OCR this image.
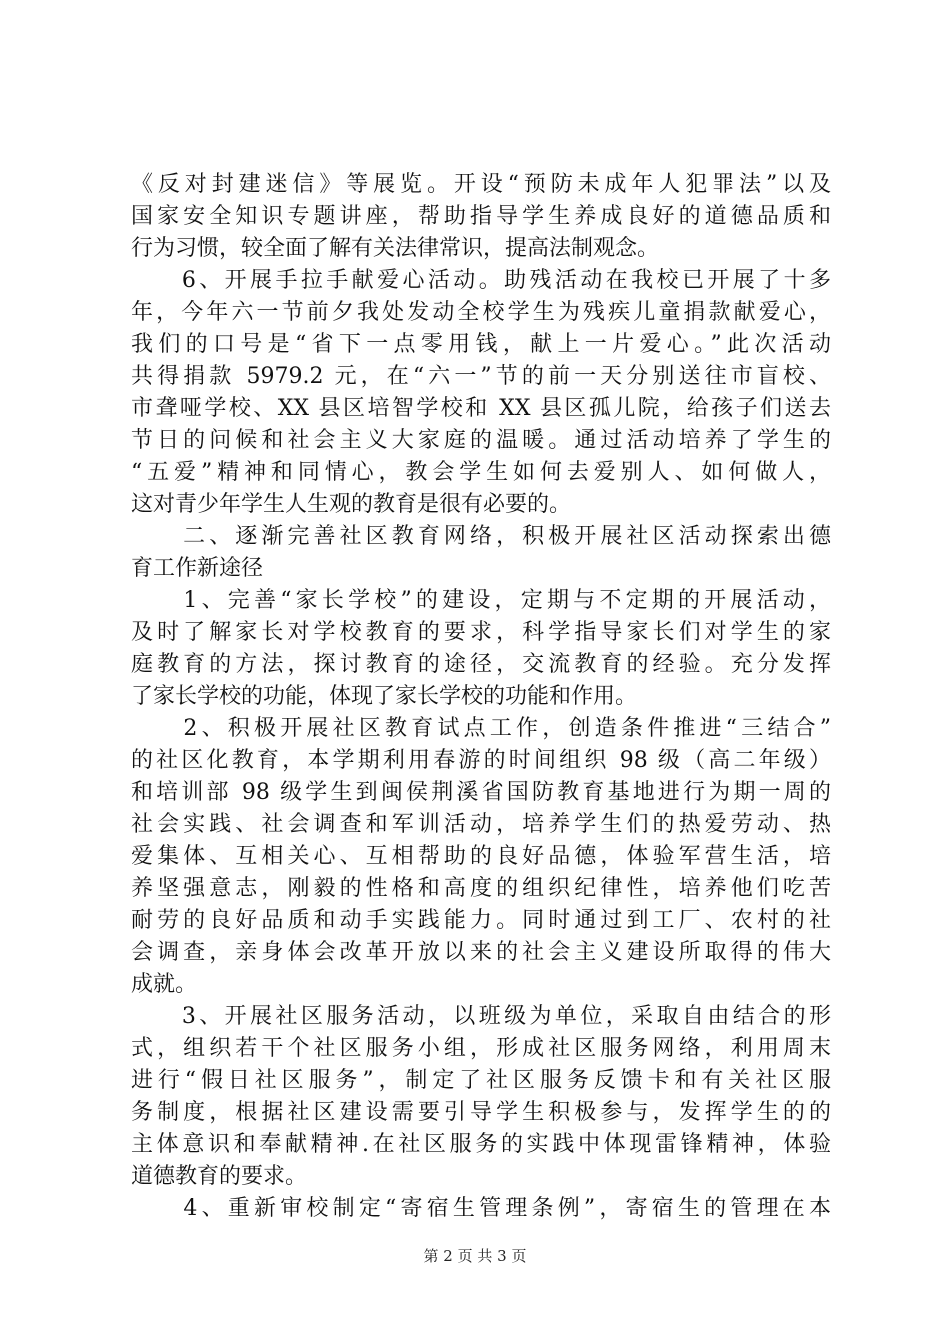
《反对封建迷信》等展览。开设“预防未成年人犯罪法”以及
国家安全知识专题讲座，帮助指导学生养成良好的道德品质和
行为习惯，较全面了解有关法律常识，提高法制观念。
　　6、开展手拉手献爱心活动。助残活动在我校已开展了十多
年，今年六一节前夕我处发动全校学生为残疾儿童捐款献爱心，
我们的口号是“省下一点零用钱，献上一片爱心。”此次活动
共得捐款 5979.2 元，在“六一”节的前一天分别送往市盲校、
市聋哑学校、XX 县区培智学校和 XX 县区孤儿院，给孩子们送去
节日的问候和社会主义大家庭的温暖。通过活动培养了学生的
“五爱”精神和同情心，教会学生如何去爱别人、如何做人，
这对青少年学生人生观的教育是很有必要的。
　　二、逐渐完善社区教育网络，积极开展社区活动探索出德
育工作新途径
　　1、完善“家长学校”的建设，定期与不定期的开展活动，
及时了解家长对学校教育的要求，科学指导家长们对学生的家
庭教育的方法，探讨教育的途径，交流教育的经验。充分发挥
了家长学校的功能，体现了家长学校的功能和作用。
　　2、积极开展社区教育试点工作，创造条件推进“三结合”
的社区化教育，本学期利用春游的时间组织 98 级（高二年级）
和培训部 98 级学生到闽侯荆溪省国防教育基地进行为期一周的
社会实践、社会调查和军训活动，培养学生们的热爱劳动、热
爱集体、互相关心、互相帮助的良好品德，体验军营生活，培
养坚强意志，刚毅的性格和高度的组织纪律性，培养他们吃苦
耐劳的良好品质和动手实践能力。同时通过到工厂、农村的社
会调查，亲身体会改革开放以来的社会主义建设所取得的伟大
成就。
　　3、开展社区服务活动，以班级为单位，采取自由结合的形
式，组织若干个社区服务小组，形成社区服务网络，利用周末
进行“假日社区服务”，制定了社区服务反馈卡和有关社区服
务制度，根据社区建设需要引导学生积极参与，发挥学生的的
主体意识和奉献精神.在社区服务的实践中体现雷锋精神，体验
道德教育的要求。
　　4、重新审校制定“寄宿生管理条例”，寄宿生的管理在本
第 2 页 共 3 页
